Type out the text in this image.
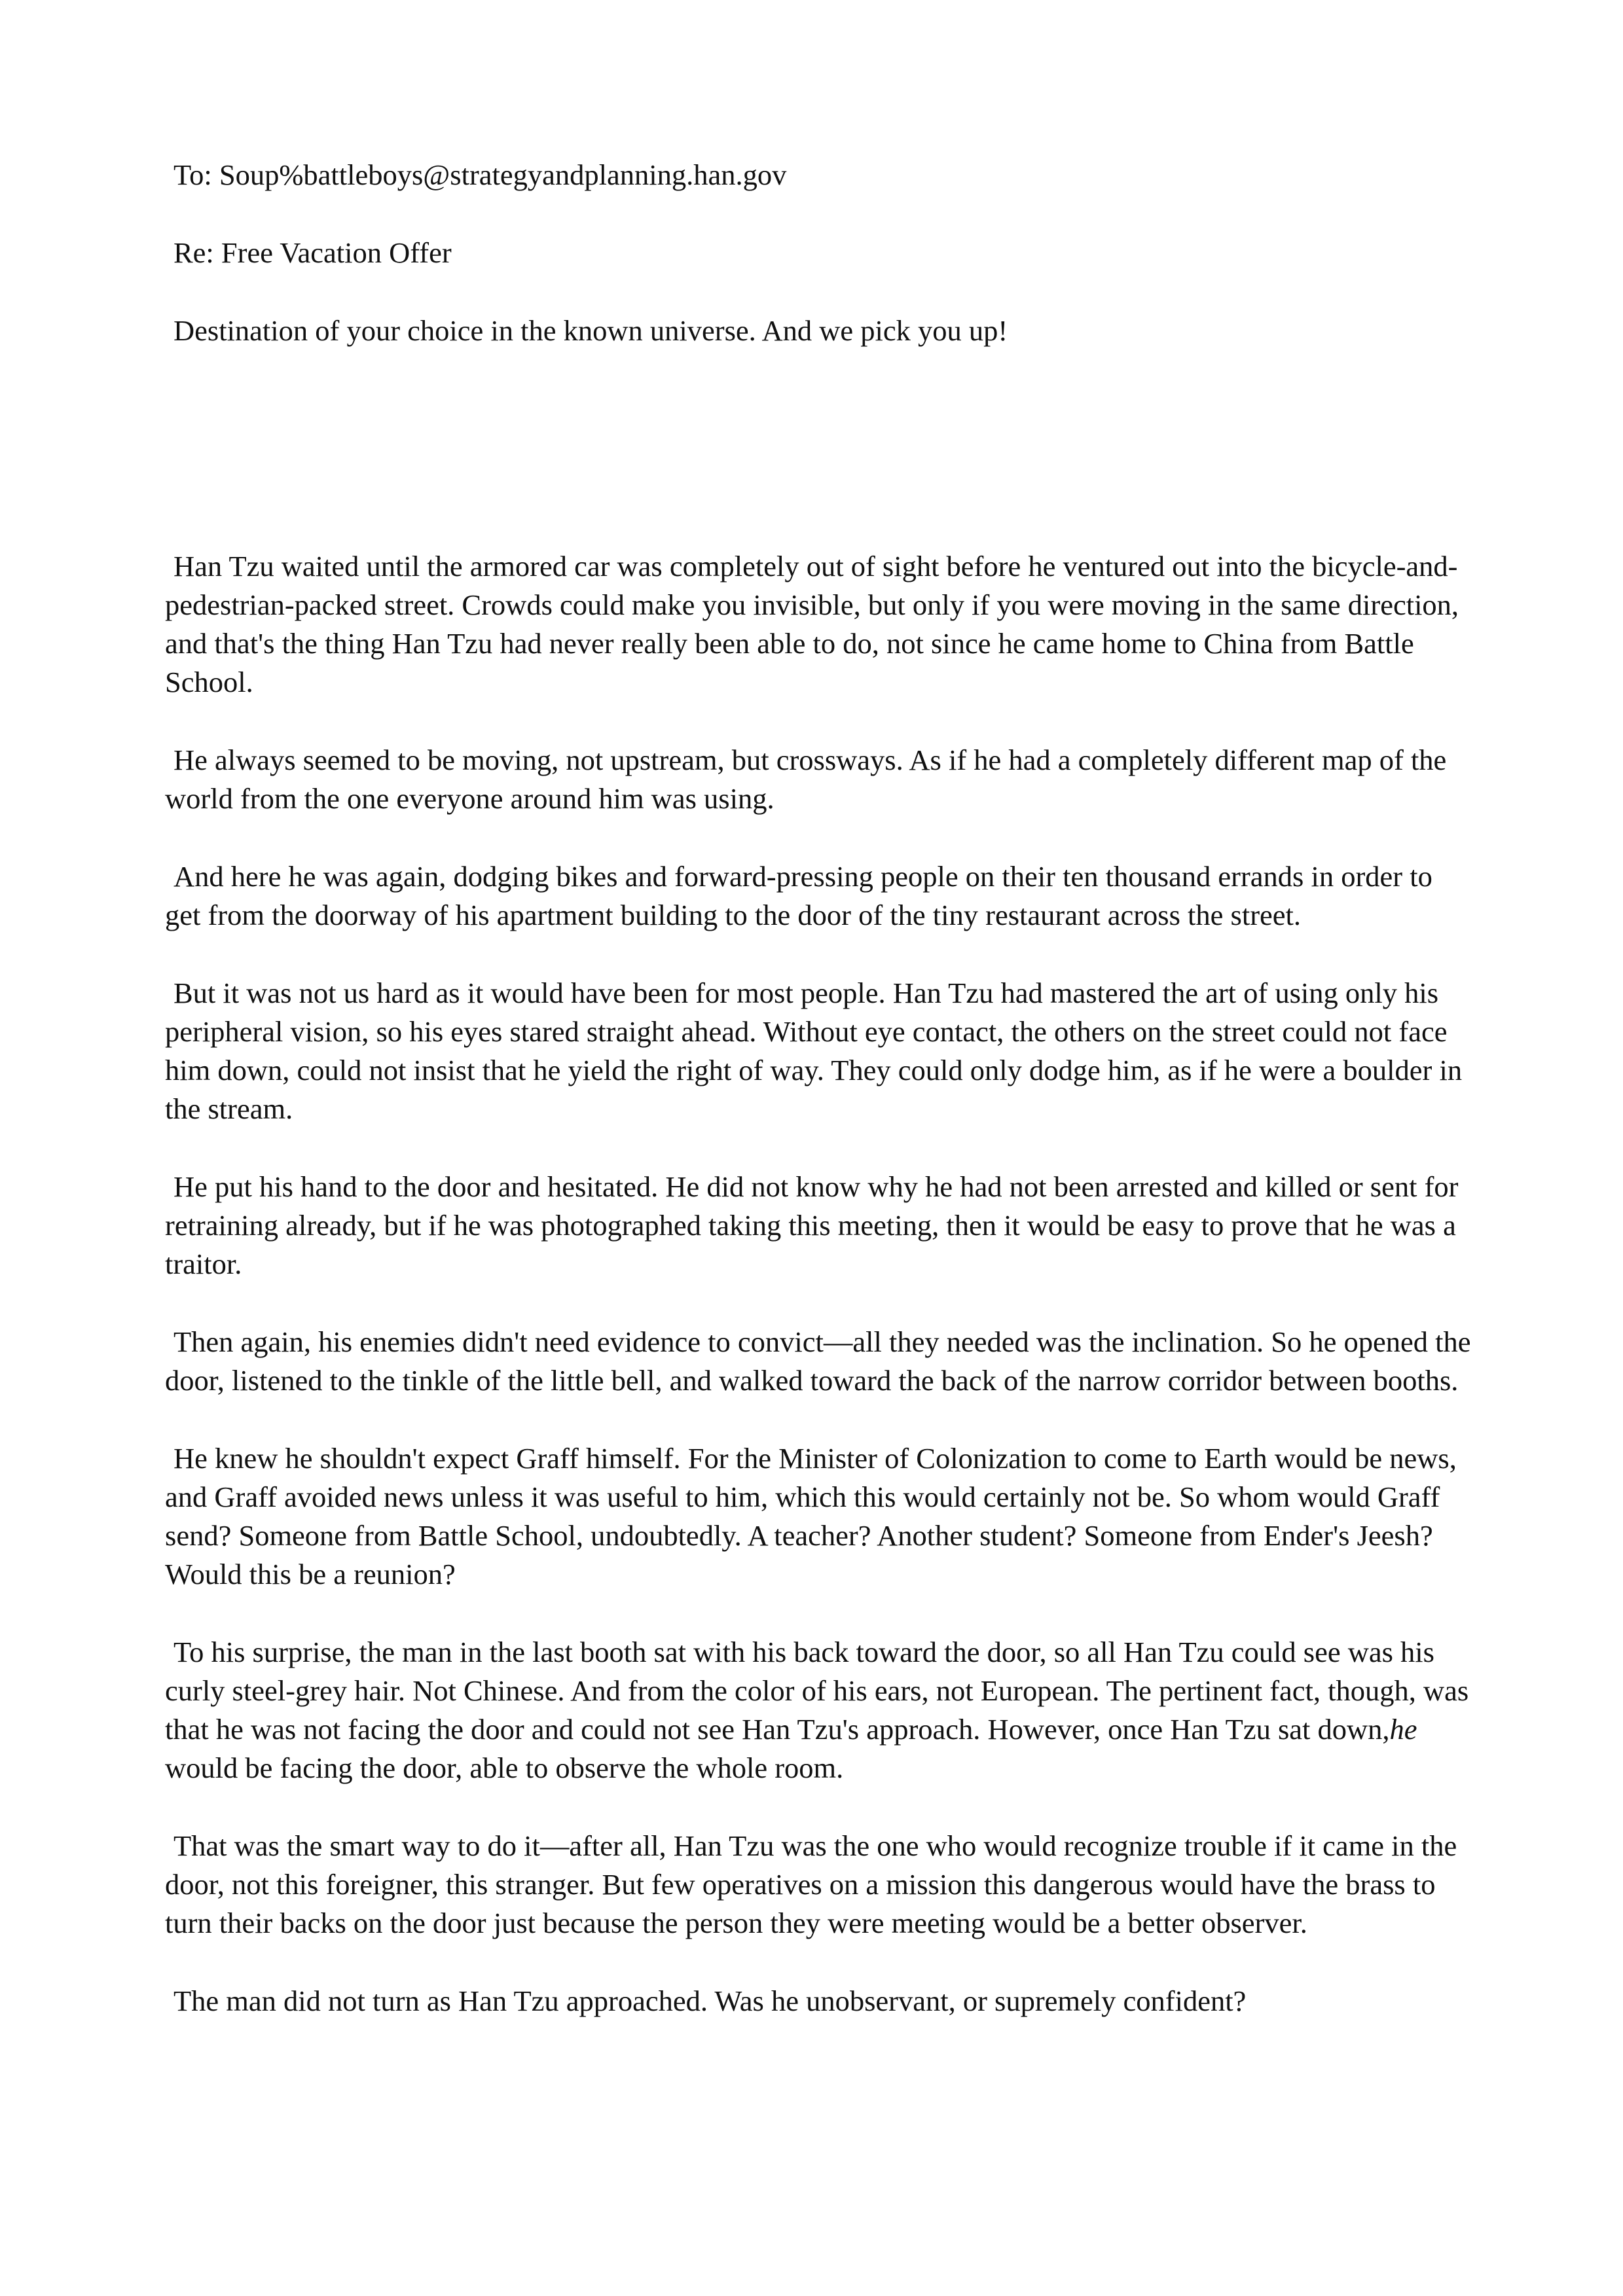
To: Soup%battleboys@strategyandplanning.han.gov

Re: Free Vacation Offer

Destination of your choice in the known universe. And we pick you up!

Han Tzu waited until the armored car was completely out of sight before he ventured out into the bicycle-and-pedestrian-packed street. Crowds could make you invisible, but only if you were moving in the same direction, and that's the thing Han Tzu had never really been able to do, not since he came home to China from Battle School.

He always seemed to be moving, not upstream, but crossways. As if he had a completely different map of the world from the one everyone around him was using.

And here he was again, dodging bikes and forward-pressing people on their ten thousand errands in order to get from the doorway of his apartment building to the door of the tiny restaurant across the street.

But it was not us hard as it would have been for most people. Han Tzu had mastered the art of using only his peripheral vision, so his eyes stared straight ahead. Without eye contact, the others on the street could not face him down, could not insist that he yield the right of way. They could only dodge him, as if he were a boulder in the stream.

He put his hand to the door and hesitated. He did not know why he had not been arrested and killed or sent for retraining already, but if he was photographed taking this meeting, then it would be easy to prove that he was a traitor.

Then again, his enemies didn't need evidence to convict—all they needed was the inclination. So he opened the door, listened to the tinkle of the little bell, and walked toward the back of the narrow corridor between booths.

He knew he shouldn't expect Graff himself. For the Minister of Colonization to come to Earth would be news, and Graff avoided news unless it was useful to him, which this would certainly not be. So whom would Graff send? Someone from Battle School, undoubtedly. A teacher? Another student? Someone from Ender's Jeesh? Would this be a reunion?

To his surprise, the man in the last booth sat with his back toward the door, so all Han Tzu could see was his curly steel-grey hair. Not Chinese. And from the color of his ears, not European. The pertinent fact, though, was that he was not facing the door and could not see Han Tzu's approach. However, once Han Tzu sat down,he would be facing the door, able to observe the whole room.

That was the smart way to do it—after all, Han Tzu was the one who would recognize trouble if it came in the door, not this foreigner, this stranger. But few operatives on a mission this dangerous would have the brass to turn their backs on the door just because the person they were meeting would be a better observer.

The man did not turn as Han Tzu approached. Was he unobservant, or supremely confident?
